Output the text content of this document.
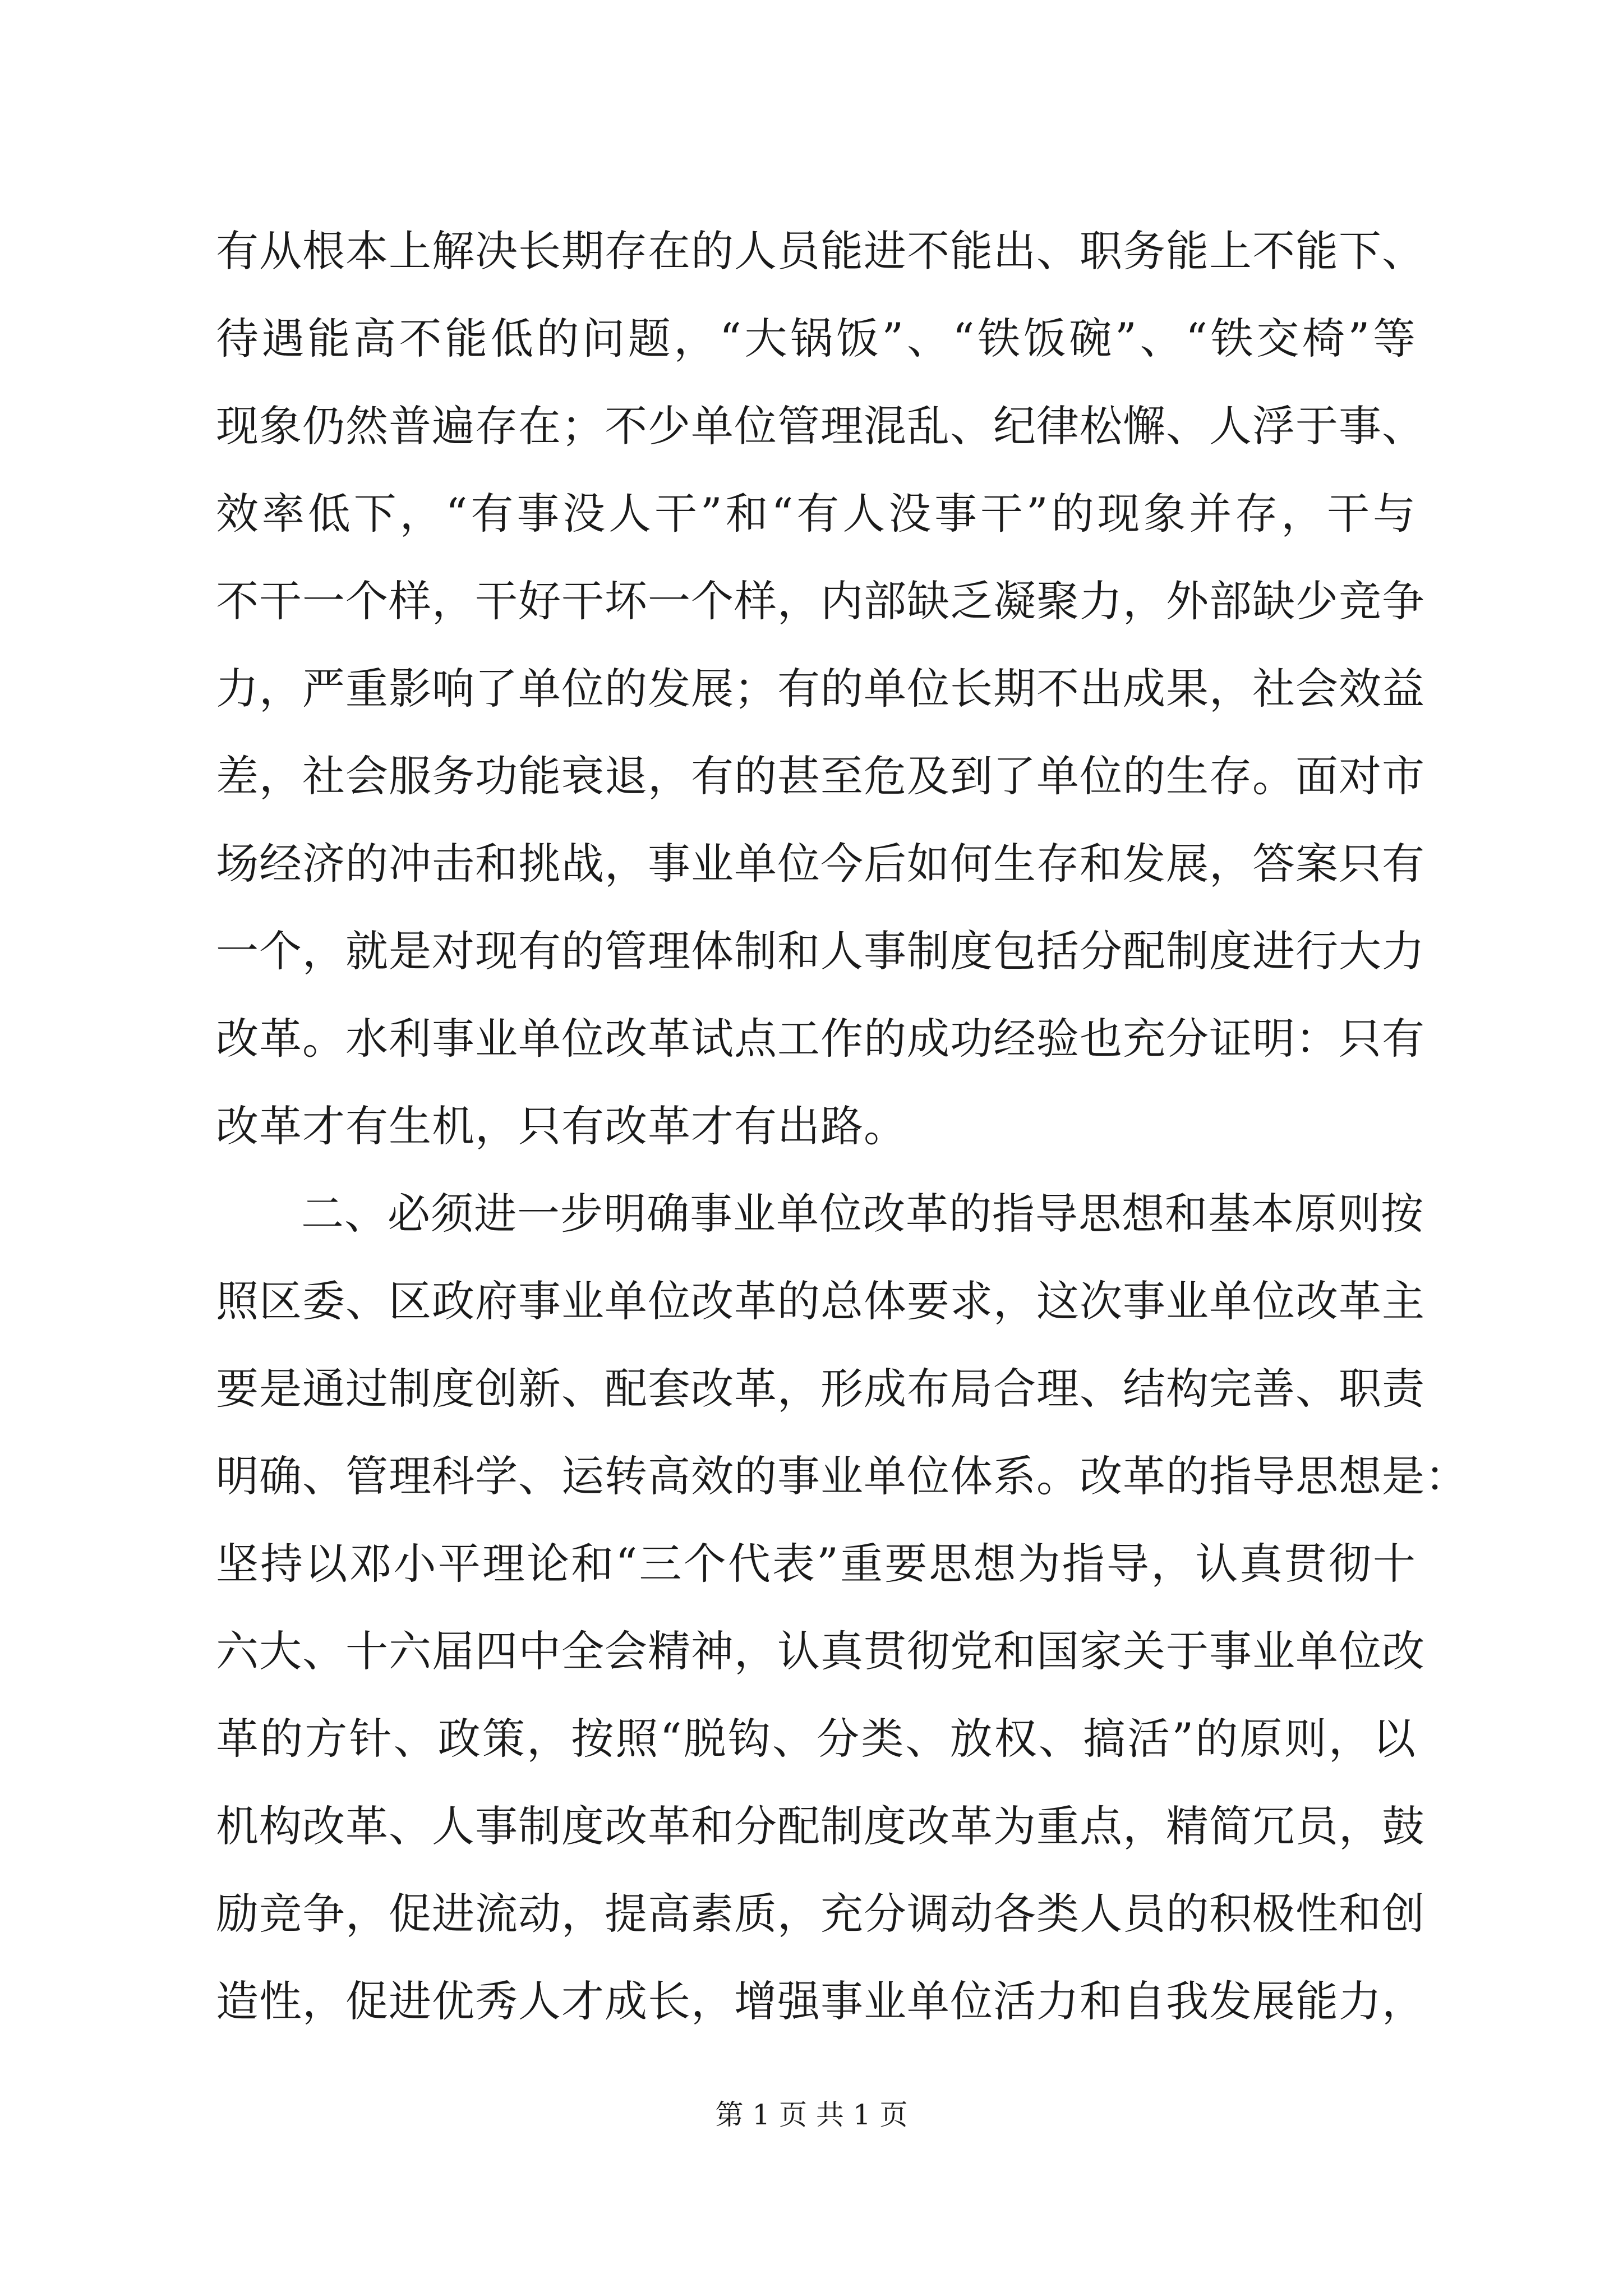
有从根本上解决长期存在的人员能进不能出、职务能上不能下、
待遇能高不能低的问题，“大锅饭”、“铁饭碗”、“铁交椅”等
现象仍然普遍存在；不少单位管理混乱、纪律松懈、人浮于事、
效率低下，“有事没人干”和“有人没事干”的现象并存，干与
不干一个样，干好干坏一个样，内部缺乏凝聚力，外部缺少竞争
力，严重影响了单位的发展；有的单位长期不出成果，社会效益
差，社会服务功能衰退，有的甚至危及到了单位的生存。面对市
场经济的冲击和挑战，事业单位今后如何生存和发展，答案只有
一个，就是对现有的管理体制和人事制度包括分配制度进行大力
改革。水利事业单位改革试点工作的成功经验也充分证明：只有
改革才有生机，只有改革才有出路。
二、必须进一步明确事业单位改革的指导思想和基本原则按
照区委、区政府事业单位改革的总体要求，这次事业单位改革主
要是通过制度创新、配套改革，形成布局合理、结构完善、职责
明确、管理科学、运转高效的事业单位体系。改革的指导思想是：
坚持以邓小平理论和“三个代表”重要思想为指导，认真贯彻十
六大、十六届四中全会精神，认真贯彻党和国家关于事业单位改
革的方针、政策，按照“脱钩、分类、放权、搞活”的原则，以
机构改革、人事制度改革和分配制度改革为重点，精简冗员，鼓
励竞争，促进流动，提高素质，充分调动各类人员的积极性和创
造性，促进优秀人才成长，增强事业单位活力和自我发展能力，
第 1 页 共 1 页
